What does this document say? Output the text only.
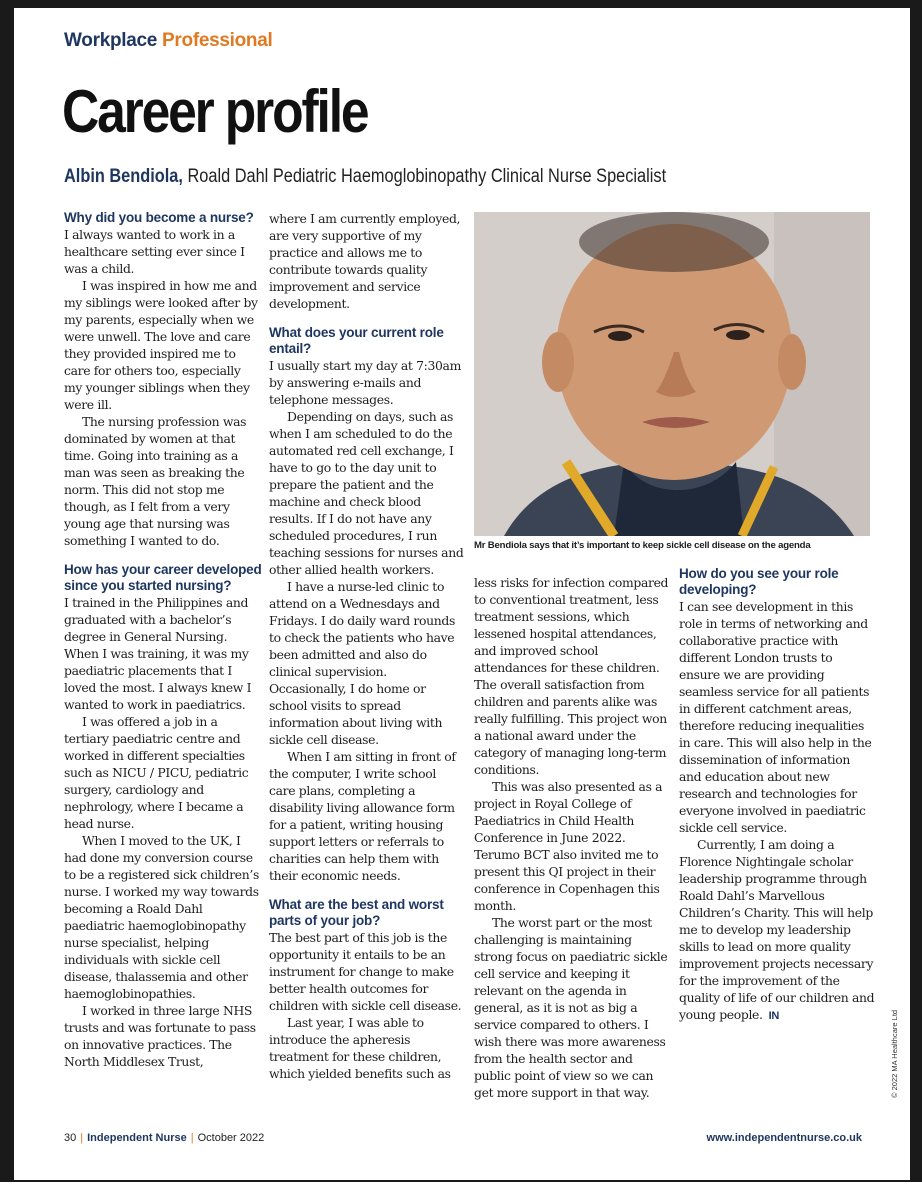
Workplace Professional
Career profile
Albin Bendiola, Roald Dahl Pediatric Haemoglobinopathy Clinical Nurse Specialist
Why did you become a nurse?

I always wanted to work in a healthcare setting ever since I was a child.

I was inspired in how me and my siblings were looked after by my parents, especially when we were unwell. The love and care they provided inspired me to care for others too, especially my younger siblings when they were ill.

The nursing profession was dominated by women at that time. Going into training as a man was seen as breaking the norm. This did not stop me though, as I felt from a very young age that nursing was something I wanted to do.

How has your career developed since you started nursing?

I trained in the Philippines and graduated with a bachelor’s degree in General Nursing. When I was training, it was my paediatric placements that I loved the most. I always knew I wanted to work in paediatrics.

I was offered a job in a tertiary paediatric centre and worked in different specialties such as NICU / PICU, pediatric surgery, cardiology and nephrology, where I became a head nurse.

When I moved to the UK, I had done my conversion course to be a registered sick children’s nurse. I worked my way towards becoming a Roald Dahl paediatric haemoglobinopathy nurse specialist, helping individuals with sickle cell disease, thalassemia and other haemoglobinopathies.

I worked in three large NHS trusts and was fortunate to pass on innovative practices. The North Middlesex Trust,

where I am currently employed, are very supportive of my practice and allows me to contribute towards quality improvement and service development.

What does your current role entail?

I usually start my day at 7:30am by answering e-mails and telephone messages.

Depending on days, such as when I am scheduled to do the automated red cell exchange, I have to go to the day unit to prepare the patient and the machine and check blood results. If I do not have any scheduled procedures, I run teaching sessions for nurses and other allied health workers.

I have a nurse-led clinic to attend on a Wednesdays and Fridays. I do daily ward rounds to check the patients who have been admitted and also do clinical supervision. Occasionally, I do home or school visits to spread information about living with sickle cell disease.

When I am sitting in front of the computer, I write school care plans, completing a disability living allowance form for a patient, writing housing support letters or referrals to charities can help them with their economic needs.

What are the best and worst parts of your job?

The best part of this job is the opportunity it entails to be an instrument for change to make better health outcomes for children with sickle cell disease.

Last year, I was able to introduce the apheresis treatment for these children, which yielded benefits such as

Mr Bendiola says that it’s important to keep sickle cell disease on the agenda

less risks for infection compared to conventional treatment, less treatment sessions, which lessened hospital attendances, and improved school attendances for these children. The overall satisfaction from children and parents alike was really fulfilling. This project won a national award under the category of managing long-term conditions.

This was also presented as a project in Royal College of Paediatrics in Child Health Conference in June 2022. Terumo BCT also invited me to present this QI project in their conference in Copenhagen this month.

The worst part or the most challenging is maintaining strong focus on paediatric sickle cell service and keeping it relevant on the agenda in general, as it is not as big a service compared to others. I wish there was more awareness from the health sector and public point of view so we can get more support in that way.

How do you see your role developing?

I can see development in this role in terms of networking and collaborative practice with different London trusts to ensure we are providing seamless service for all patients in different catchment areas, therefore reducing inequalities in care. This will also help in the dissemination of information and education about new research and technologies for everyone involved in paediatric sickle cell service.

Currently, I am doing a Florence Nightingale scholar leadership programme through Roald Dahl’s Marvellous Children’s Charity. This will help me to develop my leadership skills to lead on more quality improvement projects necessary for the improvement of the quality of life of our children and young people. IN	© 2022 MA Healthcare Ltd
30 | Independent Nurse | October 2022	www.independentnurse.co.uk
